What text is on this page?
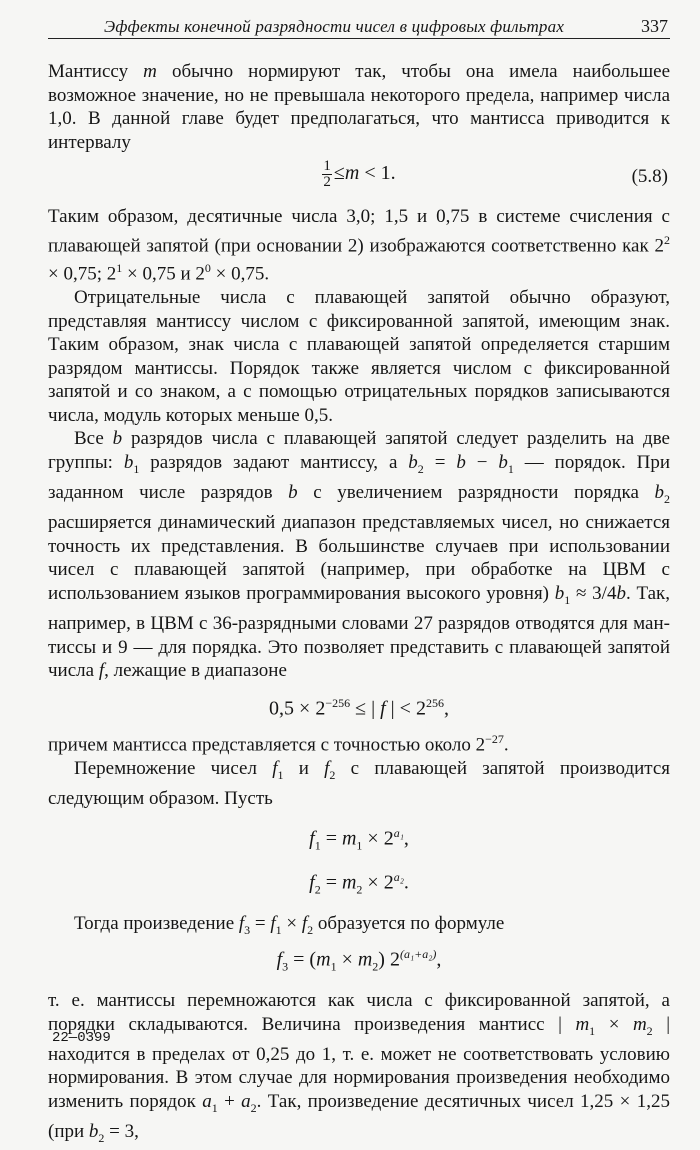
Эффекты конечной разрядности чисел в цифровых фильтрах	337

Мантиссу m обычно нормируют так, чтобы она имела наибольшее возможное значение, но не превышала некоторого предела, например числа 1,0. В данной главе будет предполагаться, что мантисса приводится к интервалу

$\frac{1}{2} \le m < 1$.	(5.8)

Таким образом, десятичные числа 3,0; 1,5 и 0,75 в системе счисления с плавающей запятой (при основании 2) изображаются соответственно как $2^2 \times 0,75$; $2^1 \times 0,75$ и $2^0 \times 0,75$.

Отрицательные числа с плавающей запятой обычно образуют, представляя мантиссу числом с фиксированной запятой, имеющим знак. Таким образом, знак числа с плавающей запятой определяется старшим разрядом мантиссы. Порядок также является числом с фиксированной запятой и со знаком, а с помощью отрицательных порядков записываются числа, модуль которых меньше 0,5.

Все b разрядов числа с плавающей запятой следует разделить на две группы: $b_1$ разрядов задают мантиссу, а $b_2 = b - b_1$ — порядок. При заданном числе разрядов b с увеличением разрядности порядка $b_2$ расширяется динамический диапазон представляемых чисел, но снижается точность их представления. В большинстве случаев при использовании чисел с плавающей запятой (например, при обработке на ЦВМ с использованием языков программирования высокого уровня) $b_1 \approx 3/4b$. Так, например, в ЦВМ с 36-разрядными словами 27 разрядов отводятся для мантиссы и 9 — для порядка. Это позволяет представить с плавающей запятой числа f, лежащие в диапазоне

$0,5 \times 2^{-256}$ ≤ | f | < $2^{256}$,

причем мантисса представляется с точностью около $2^{-27}$.

Перемножение чисел $f_1$ и $f_2$ с плавающей запятой производится следующим образом. Пусть

$f_1 = m_1 \times 2^{a_1}$,

$f_2 = m_2 \times 2^{a_2}$.

Тогда произведение $f_3 = f_1 \times f_2$ образуется по формуле

$f_3 = (m_1 \times m_2)$ $2^{(a_1+a_2)}$,

т. е. мантиссы перемножаются как числа с фиксированной запятой, а порядки складываются. Величина произведения мантисс | $m_1 \times m_2$ | находится в пределах от 0,25 до 1, т. е. может не соответствовать условию нормирования. В этом случае для нормирования произведения необходимо изменить порядок $a_1 + a_2$. Так, произведение десятичных чисел 1,25 × 1,25 (при $b_2 = 3$,

22—0399
